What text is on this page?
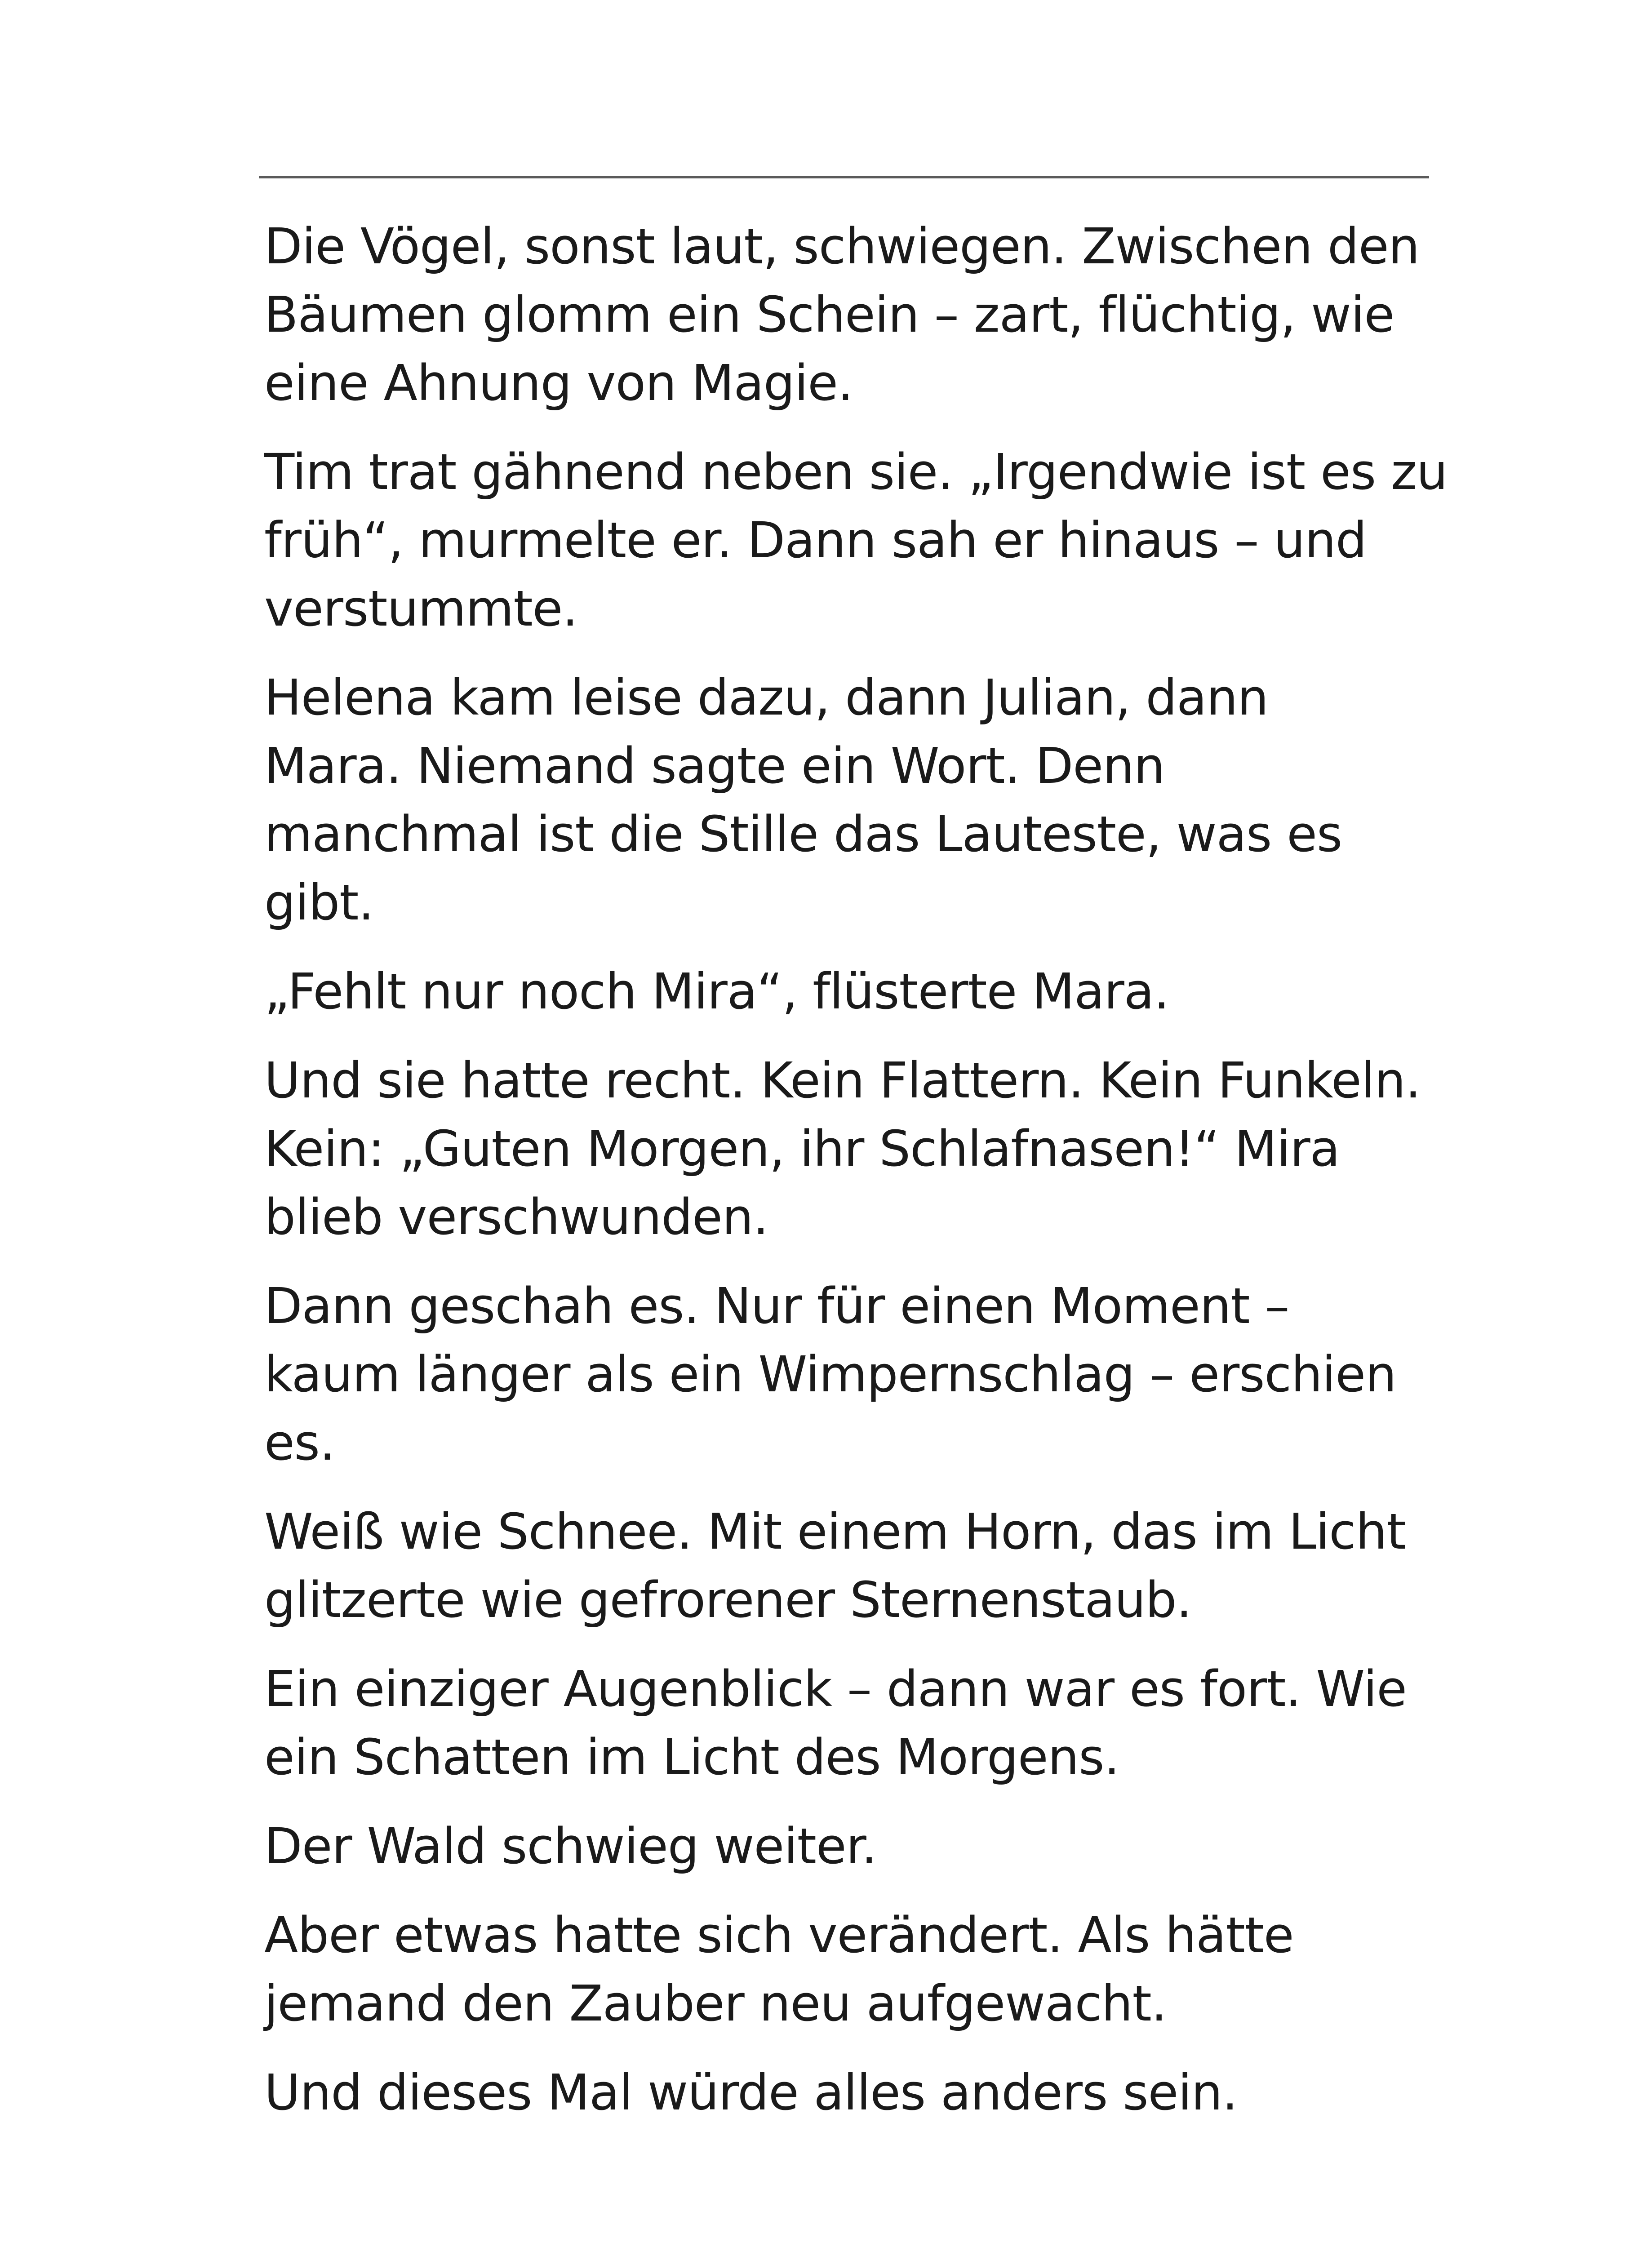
Die Vögel, sonst laut, schwiegen. Zwischen den
Bäumen glomm ein Schein – zart, flüchtig, wie
eine Ahnung von Magie.

Tim trat gähnend neben sie. „Irgendwie ist es zu
früh“, murmelte er. Dann sah er hinaus – und
verstummte.

Helena kam leise dazu, dann Julian, dann
Mara. Niemand sagte ein Wort. Denn
manchmal ist die Stille das Lauteste, was es
gibt.

„Fehlt nur noch Mira“, flüsterte Mara.

Und sie hatte recht. Kein Flattern. Kein Funkeln.
Kein: „Guten Morgen, ihr Schlafnasen!“ Mira
blieb verschwunden.

Dann geschah es. Nur für einen Moment –
kaum länger als ein Wimpernschlag – erschien
es.

Weiß wie Schnee. Mit einem Horn, das im Licht
glitzerte wie gefrorener Sternenstaub.

Ein einziger Augenblick – dann war es fort. Wie
ein Schatten im Licht des Morgens.

Der Wald schwieg weiter.

Aber etwas hatte sich verändert. Als hätte
jemand den Zauber neu aufgewacht.

Und dieses Mal würde alles anders sein.
